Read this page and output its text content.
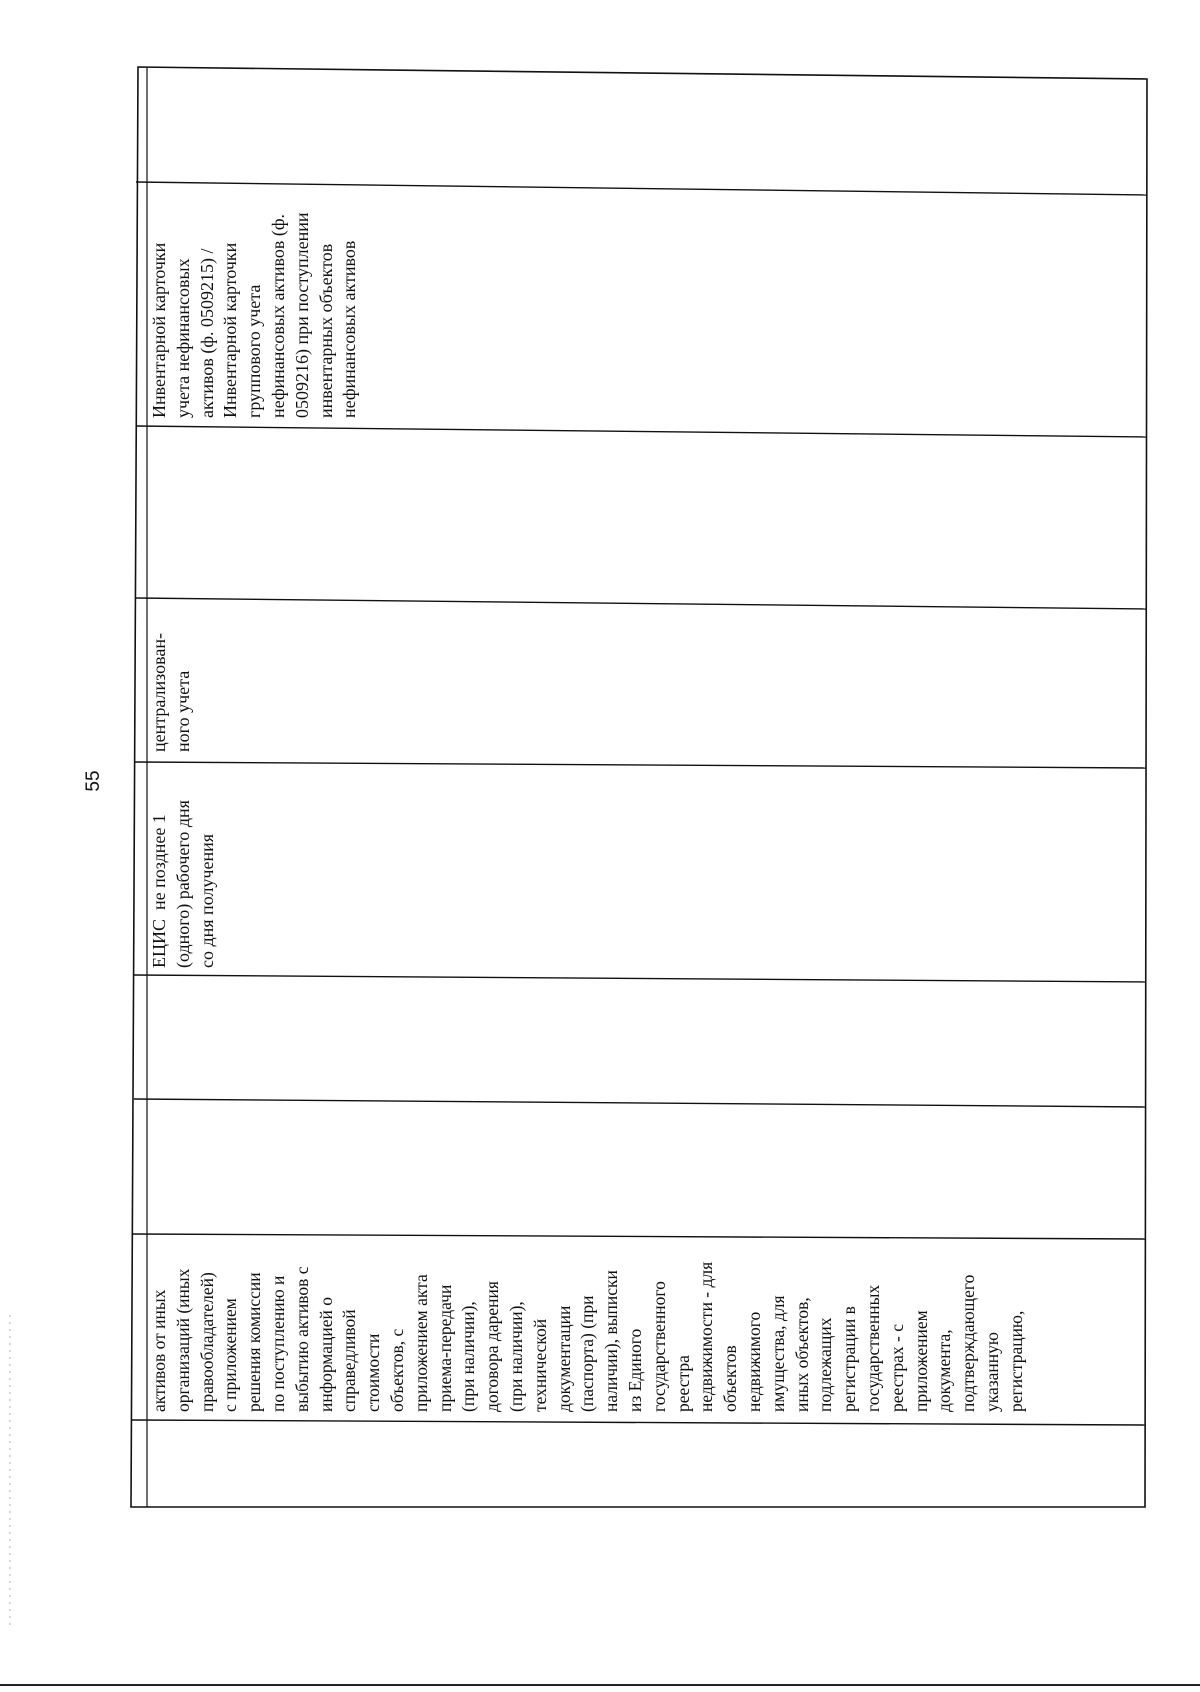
55
Инвентарной карточки учета нефинансовых активов (ф. 0509215) / Инвентарной карточки группового учета нефинансовых активов (ф. 0509216) при поступлении инвентарных объектов нефинансовых активов
централизован- ного учета
ЕЦИС  не позднее 1 (одного) рабочего дня со дня получения
активов от иных организаций (иных правообладателей) с приложением решения комиссии по поступлению и выбытию активов с информацией о справедливой стоимости объектов, с приложением акта приема-передачи (при наличии), договора дарения (при наличии), технической документации (паспорта) (при наличии), выписки из Единого государственного реестра недвижимости - для объектов недвижимого имущества, для иных объектов, подлежащих регистрации в государственных реестрах - с приложением документа, подтверждающего указанную регистрацию,
